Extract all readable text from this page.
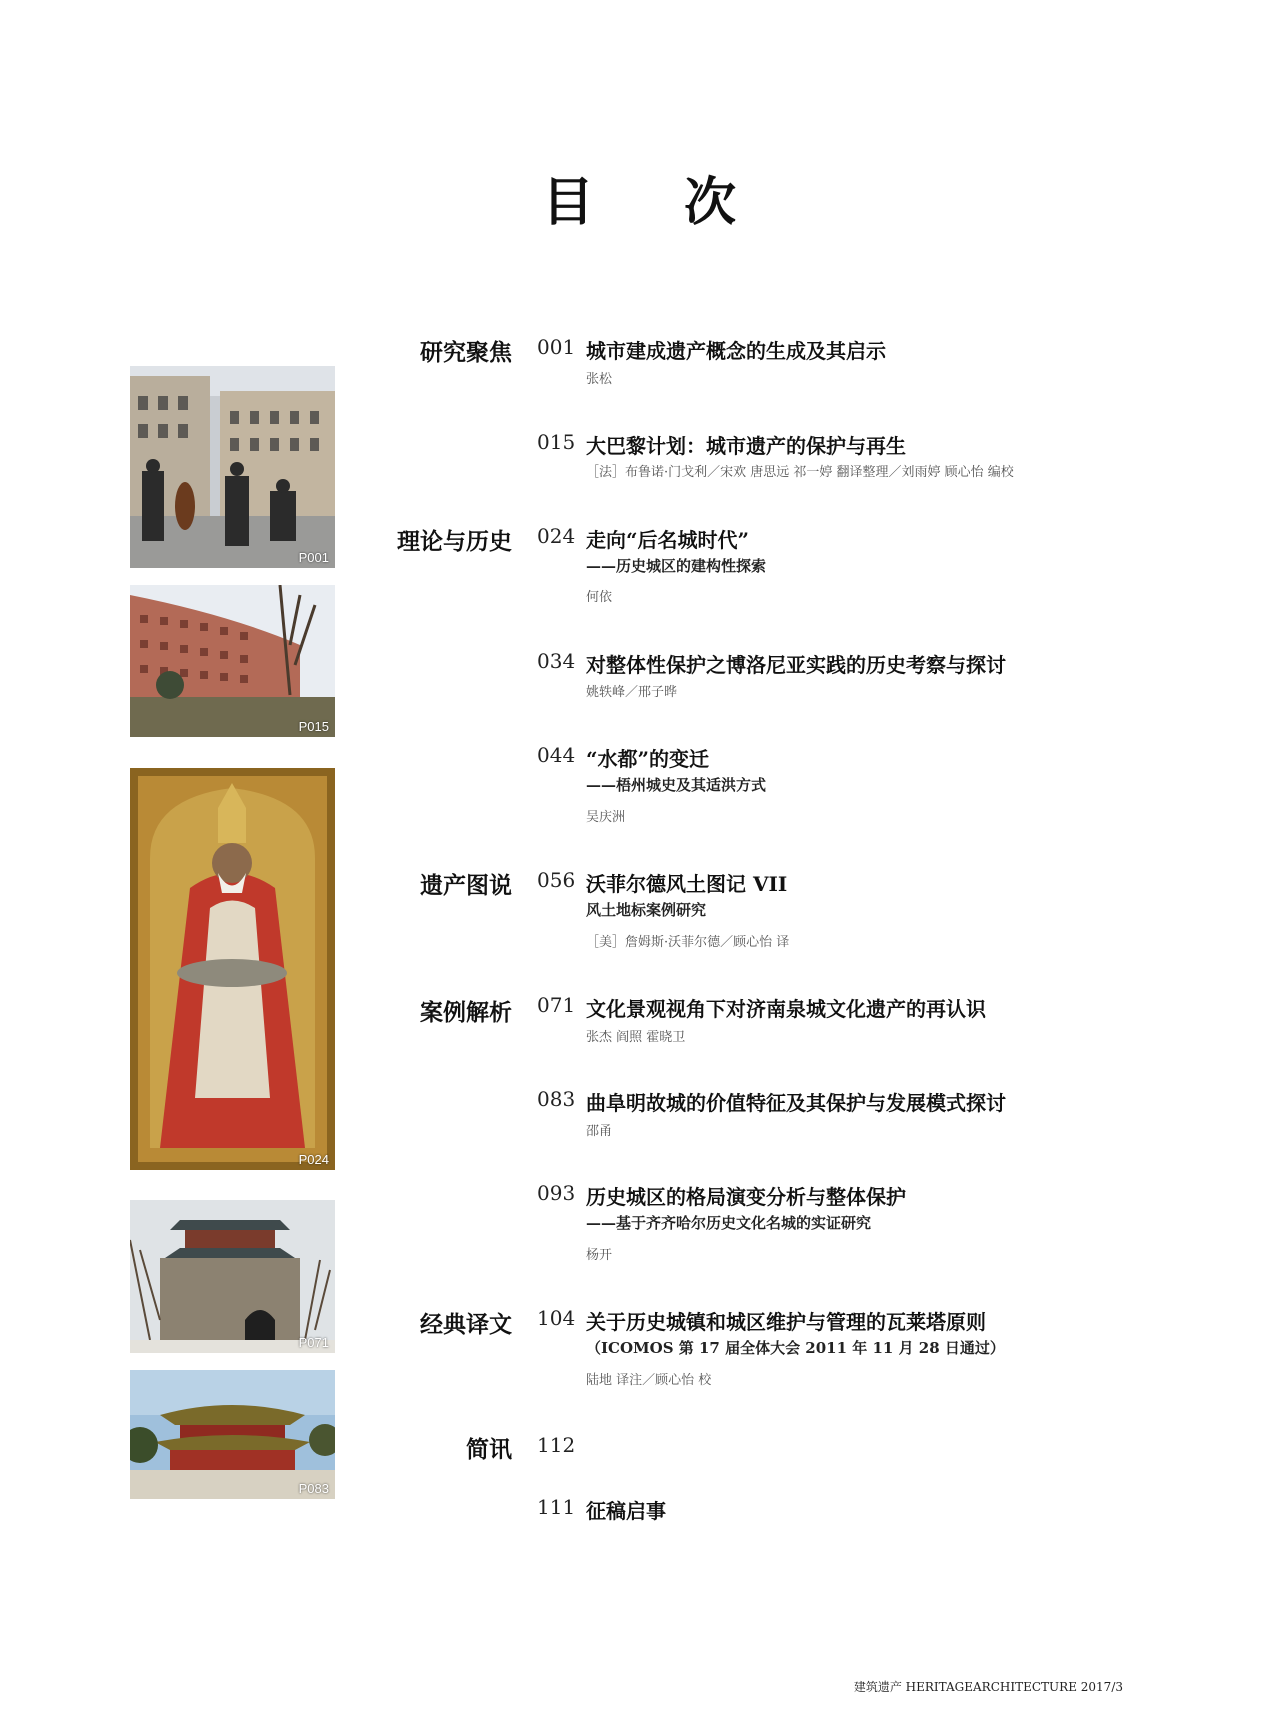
目 次
P001
P015
P024
P071
P083
研究聚焦
理论与历史
遗产图说
案例解析
经典译文
简讯
001 城市建成遗产概念的生成及其启示
张松
015 大巴黎计划：城市遗产的保护与再生
［法］布鲁诺·门戈利／宋欢 唐思远 祁一婷 翻译整理／刘雨婷 顾心怡 编校
024 走向“后名城时代”
——历史城区的建构性探索
何依
034 对整体性保护之博洛尼亚实践的历史考察与探讨
姚轶峰／邢子晔
044 “水都”的变迁
——梧州城史及其适洪方式
吴庆洲
056 沃菲尔德风土图记 VII
风土地标案例研究
［美］詹姆斯·沃菲尔德／顾心怡 译
071 文化景观视角下对济南泉城文化遗产的再认识
张杰 阎照 霍晓卫
083 曲阜明故城的价值特征及其保护与发展模式探讨
邵甬
093 历史城区的格局演变分析与整体保护
——基于齐齐哈尔历史文化名城的实证研究
杨开
104 关于历史城镇和城区维护与管理的瓦莱塔原则
（ICOMOS 第 17 届全体大会 2011 年 11 月 28 日通过）
陆地 译注／顾心怡 校
112
111 征稿启事
建筑遗产 HERITAGEARCHITECTURE 2017/3
